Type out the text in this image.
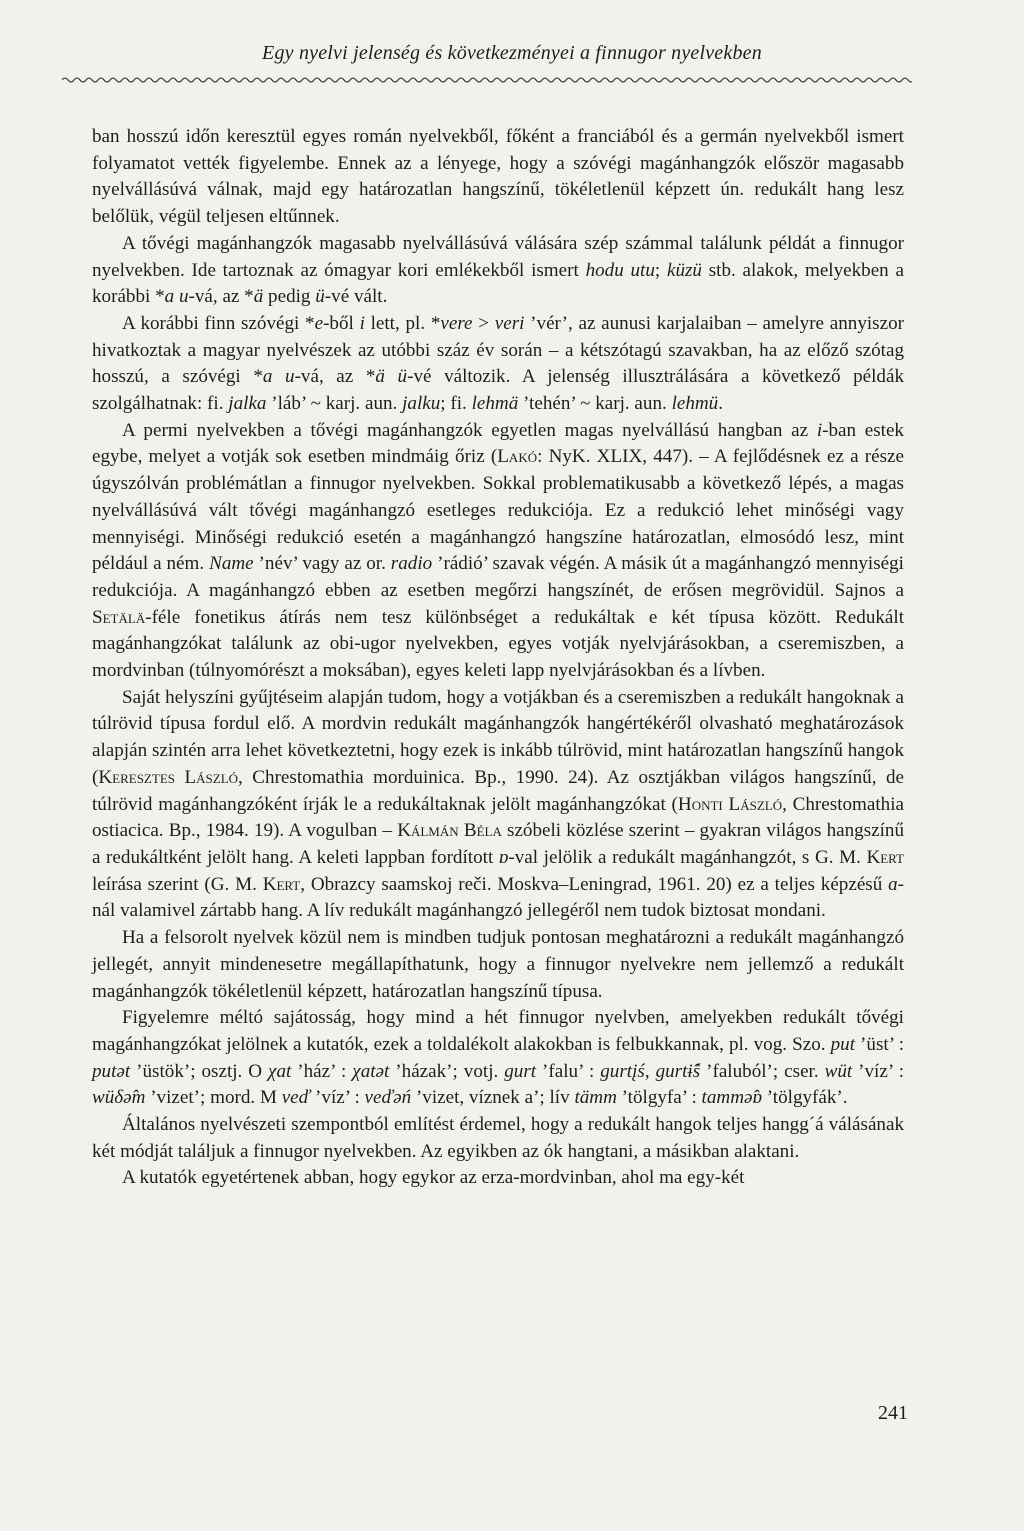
Egy nyelvi jelenség és következményei a finnugor nyelvekben

ban hosszú időn keresztül egyes román nyelvekből, főként a franciából és a germán nyelvekből ismert folyamatot vették figyelembe. Ennek az a lényege, hogy a szóvégi magánhangzók először magasabb nyelvállásúvá válnak, majd egy határozatlan hangszínű, tökéletlenül képzett ún. redukált hang lesz belőlük, végül teljesen eltűnnek.

A tővégi magánhangzók magasabb nyelvállásúvá válására szép számmal találunk példát a finnugor nyelvekben. Ide tartoznak az ómagyar kori emlékekből ismert hodu utu; küzü stb. alakok, melyekben a korábbi *a u-vá, az *ä pedig ü-vé vált.

A korábbi finn szóvégi *e-ből i lett, pl. *vere > veri ’vér’, az aunusi karjalaiban – amelyre annyiszor hivatkoztak a magyar nyelvészek az utóbbi száz év során – a kétszótagú szavakban, ha az előző szótag hosszú, a szóvégi *a u-vá, az *ä ü-vé változik. A jelenség illusztrálására a következő példák szolgálhatnak: fi. jalka ’láb’ ~ karj. aun. jalku; fi. lehmä ’tehén’ ~ karj. aun. lehmü.

A permi nyelvekben a tővégi magánhangzók egyetlen magas nyelvállású hangban az i-ban estek egybe, melyet a votják sok esetben mindmáig őriz (Lakó: NyK. XLIX, 447). – A fejlődésnek ez a része úgyszólván problémátlan a finnugor nyelvekben. Sokkal problematikusabb a következő lépés, a magas nyelvállásúvá vált tővégi magánhangzó esetleges redukciója. Ez a redukció lehet minőségi vagy mennyiségi. Minőségi redukció esetén a magánhangzó hangszíne határozatlan, elmosódó lesz, mint például a ném. Name ’név’ vagy az or. radio ’rádió’ szavak végén. A másik út a magánhangzó mennyiségi redukciója. A magánhangzó ebben az esetben megőrzi hangszínét, de erősen megrövidül. Sajnos a Setälä-féle fonetikus átírás nem tesz különbséget a redukáltak e két típusa között. Redukált magánhangzókat találunk az obi-ugor nyelvekben, egyes votják nyelvjárásokban, a cseremiszben, a mordvinban (túlnyomórészt a moksában), egyes keleti lapp nyelvjárásokban és a lívben.

Saját helyszíni gyűjtéseim alapján tudom, hogy a votjákban és a cseremiszben a redukált hangoknak a túlrövid típusa fordul elő. A mordvin redukált magánhangzók hangértékéről olvasható meghatározások alapján szintén arra lehet következtetni, hogy ezek is inkább túlrövid, mint határozatlan hangszínű hangok (Keresztes László, Chrestomathia morduinica. Bp., 1990. 24). Az osztjákban világos hangszínű, de túlrövid magánhangzóként írják le a redukáltaknak jelölt magánhangzókat (Honti László, Chrestomathia ostiacica. Bp., 1984. 19). A vogulban – Kálmán Béla szóbeli közlése szerint – gyakran világos hangszínű a redukáltként jelölt hang. A keleti lappban fordított ɒ-val jelölik a redukált magánhangzót, s G. M. Kert leírása szerint (G. M. Kert, Obrazcy saamskoj reči. Moskva–Leningrad, 1961. 20) ez a teljes képzésű ɑ-nál valamivel zártabb hang. A lív redukált magánhangzó jellegéről nem tudok biztosat mondani.

Ha a felsorolt nyelvek közül nem is mindben tudjuk pontosan meghatározni a redukált magánhangzó jellegét, annyit mindenesetre megállapíthatunk, hogy a finnugor nyelvekre nem jellemző a redukált magánhangzók tökéletlenül képzett, határozatlan hangszínű típusa.

Figyelemre méltó sajátosság, hogy mind a hét finnugor nyelvben, amelyekben redukált tővégi magánhangzókat jelölnek a kutatók, ezek a toldalékolt alakokban is felbukkannak, pl. vog. Szo. put ’üst’ : putət ’üstök’; osztj. O χat ’ház’ : χatət ’házak’; votj. gurt ’falu’ : gurtįś, gurtɨ̂ś ’faluból’; cser. wüt ’víz’ : wüδə̂m ’vizet’; mord. M veď ’víz’ : veďəń ’vizet, víznek a’; lív tämm ’tölgyfa’ : tammə̂ɒ ’tölgyfák’.

Általános nyelvészeti szempontból említést érdemel, hogy a redukált hangok teljes hangg´á válásának két módját találjuk a finnugor nyelvekben. Az egyikben az ók hangtani, a másikban alaktani.

A kutatók egyetértenek abban, hogy egykor az erza-mordvinban, ahol ma egy-két

241
